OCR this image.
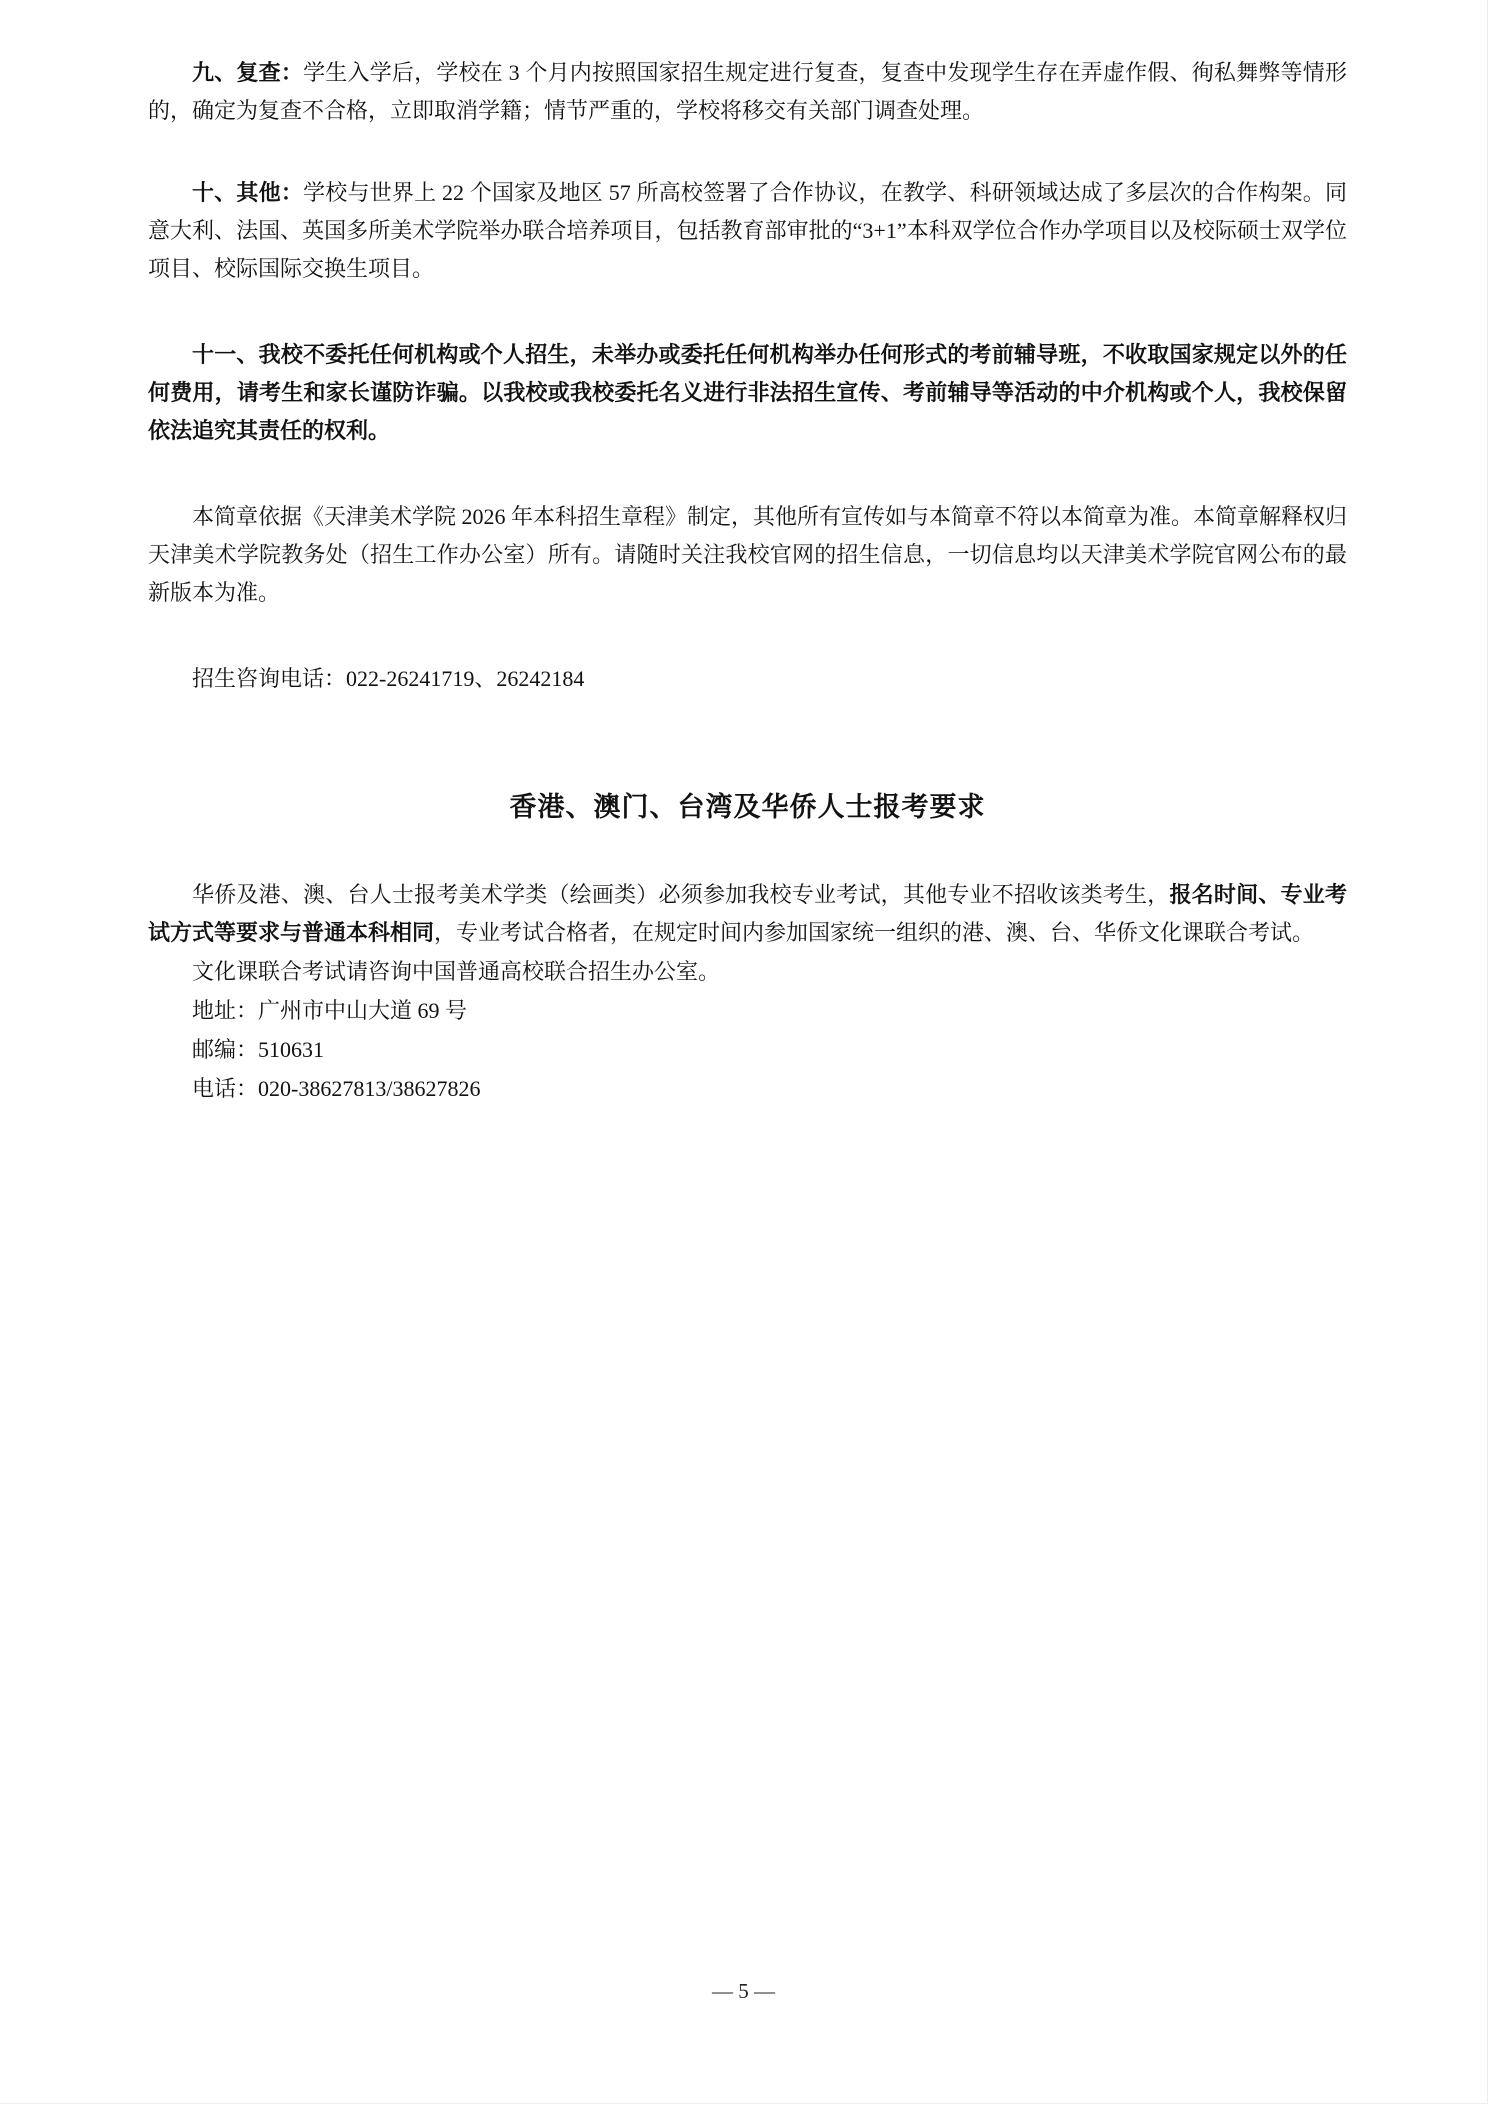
九、复查：学生入学后，学校在 3 个月内按照国家招生规定进行复查，复查中发现学生存在弄虚作假、徇私舞弊等情形的，确定为复查不合格，立即取消学籍；情节严重的，学校将移交有关部门调查处理。

十、其他：学校与世界上 22 个国家及地区 57 所高校签署了合作协议，在教学、科研领域达成了多层次的合作构架。同意大利、法国、英国多所美术学院举办联合培养项目，包括教育部审批的“3+1”本科双学位合作办学项目以及校际硕士双学位项目、校际国际交换生项目。

十一、我校不委托任何机构或个人招生，未举办或委托任何机构举办任何形式的考前辅导班，不收取国家规定以外的任何费用，请考生和家长谨防诈骗。以我校或我校委托名义进行非法招生宣传、考前辅导等活动的中介机构或个人，我校保留依法追究其责任的权利。

本简章依据《天津美术学院 2026 年本科招生章程》制定，其他所有宣传如与本简章不符以本简章为准。本简章解释权归天津美术学院教务处（招生工作办公室）所有。请随时关注我校官网的招生信息，一切信息均以天津美术学院官网公布的最新版本为准。

招生咨询电话：022-26241719、26242184

香港、澳门、台湾及华侨人士报考要求

华侨及港、澳、台人士报考美术学类（绘画类）必须参加我校专业考试，其他专业不招收该类考生，报名时间、专业考试方式等要求与普通本科相同，专业考试合格者，在规定时间内参加国家统一组织的港、澳、台、华侨文化课联合考试。

文化课联合考试请咨询中国普通高校联合招生办公室。

地址：广州市中山大道 69 号

邮编：510631

电话：020-38627813/38627826

— 5 —
